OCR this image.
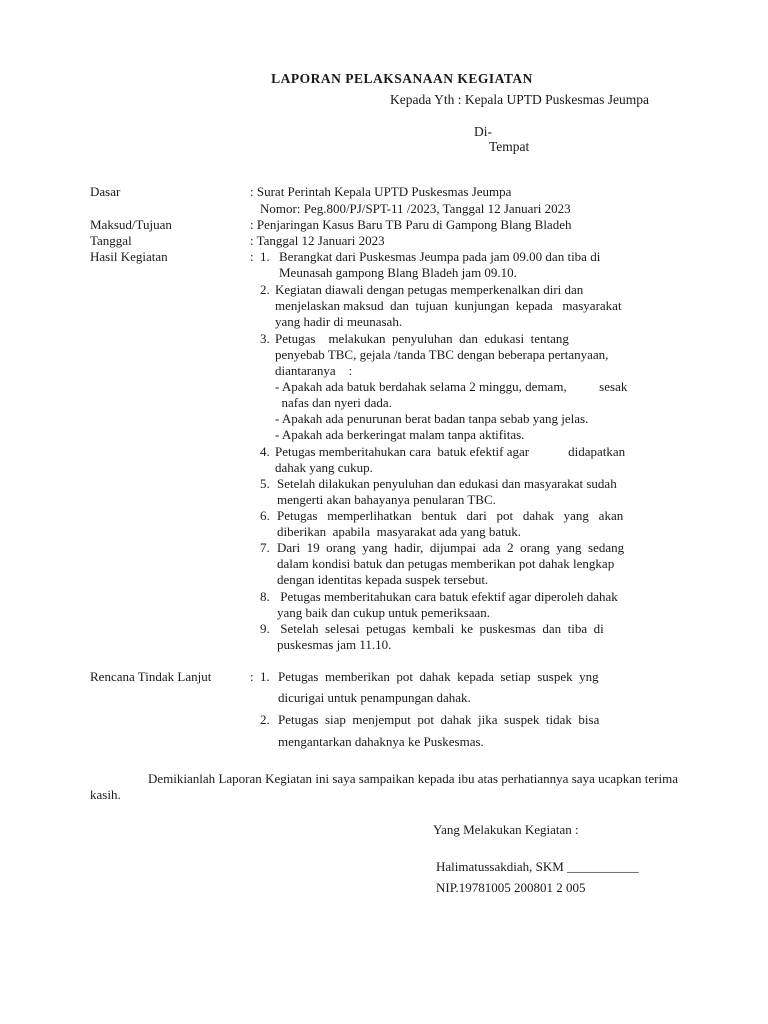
LAPORAN PELAKSANAAN KEGIATAN
Kepada Yth : Kepala UPTD Puskesmas Jeumpa
Di-
Tempat
Dasar	: Surat Perintah Kepala UPTD Puskesmas Jeumpa
Nomor: Peg.800/PJ/SPT-11 /2023, Tanggal 12 Januari 2023
Maksud/Tujuan	: Penjaringan Kasus Baru TB Paru di Gampong Blang Bladeh
Tanggal	: Tanggal 12 Januari 2023
Hasil Kegiatan	: 1. Berangkat dari Puskesmas Jeumpa pada jam 09.00 dan tiba di
Meunasah gampong Blang Bladeh jam 09.10.
2. Kegiatan diawali dengan petugas memperkenalkan diri dan
menjelaskan maksud  dan  tujuan  kunjungan  kepada   masyarakat
yang hadir di meunasah.
3. Petugas    melakukan  penyuluhan  dan  edukasi  tentang
penyebab TBC, gejala /tanda TBC dengan beberapa pertanyaan,
diantaranya    :
- Apakah ada batuk berdahak selama 2 minggu, demam,          sesak
nafas dan nyeri dada.
- Apakah ada penurunan berat badan tanpa sebab yang jelas.
- Apakah ada berkeringat malam tanpa aktifitas.
4. Petugas memberitahukan cara  batuk efektif agar            didapatkan
dahak yang cukup.
5. Setelah dilakukan penyuluhan dan edukasi dan masyarakat sudah
mengerti akan bahayanya penularan TBC.
6. Petugas   memperlihatkan   bentuk   dari   pot   dahak   yang   akan
diberikan  apabila  masyarakat ada yang batuk.
7. Dari  19  orang  yang  hadir,  dijumpai  ada  2  orang  yang  sedang
dalam kondisi batuk dan petugas memberikan pot dahak lengkap
dengan identitas kepada suspek tersebut.
8. Petugas memberitahukan cara batuk efektif agar diperoleh dahak
yang baik dan cukup untuk pemeriksaan.
9. Setelah  selesai  petugas  kembali  ke  puskesmas  dan  tiba  di
puskesmas jam 11.10.
Rencana Tindak Lanjut	: 1. Petugas  memberikan  pot  dahak  kepada  setiap  suspek  yng
dicurigai untuk penampungan dahak.
2. Petugas  siap  menjemput  pot  dahak  jika  suspek  tidak  bisa
mengantarkan dahaknya ke Puskesmas.
Demikianlah Laporan Kegiatan ini saya sampaikan kepada ibu atas perhatiannya saya ucapkan terima kasih.
Yang Melakukan Kegiatan :
Halimatussakdiah, SKM ___________
NIP.19781005 200801 2 005
